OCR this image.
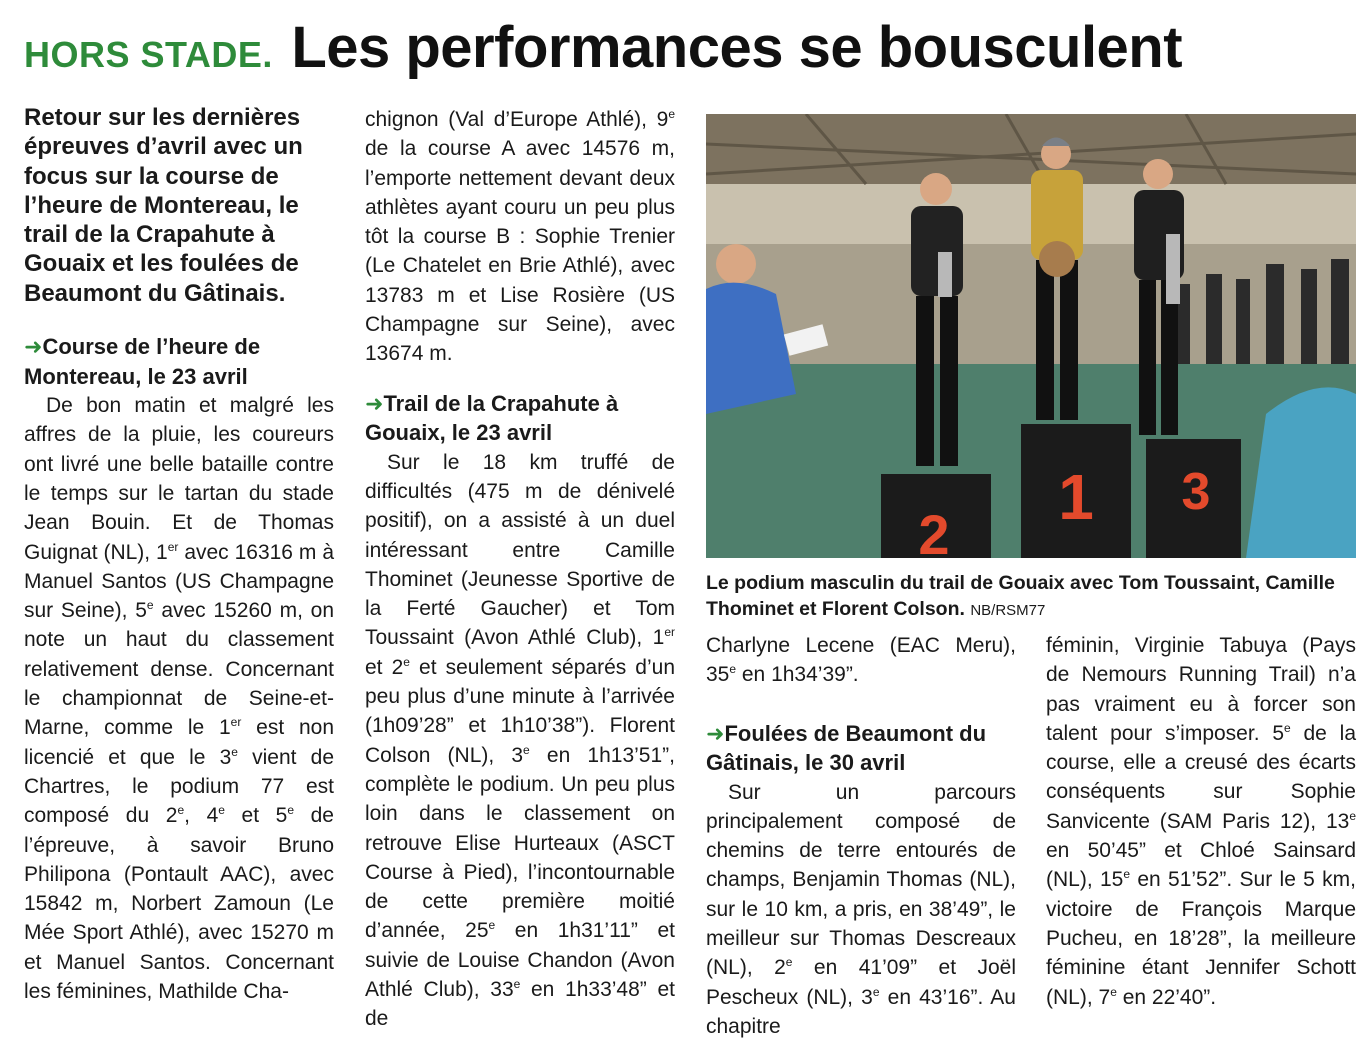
HORS STADE. Les performances se bousculent

Retour sur les dernières épreuves d’avril avec un focus sur la course de l’heure de Montereau, le trail de la Crapahute à Gouaix et les foulées de Beaumont du Gâtinais.

➜Course de l’heure de Montereau, le 23 avril

De bon matin et malgré les affres de la pluie, les coureurs ont livré une belle bataille contre le temps sur le tartan du stade Jean Bouin. Et de Thomas Guignat (NL), 1er avec 16316 m à Manuel Santos (US Champagne sur Seine), 5e avec 15260 m, on note un haut du classement relativement dense. Concernant le championnat de Seine-et-Marne, comme le 1er est non licencié et que le 3e vient de Chartres, le podium 77 est composé du 2e, 4e et 5e de l’épreuve, à savoir Bruno Philipona (Pontault AAC), avec 15842 m, Norbert Zamoun (Le Mée Sport Athlé), avec 15270 m et Manuel Santos. Concernant les féminines, Mathilde Cha-

chignon (Val d’Europe Athlé), 9e de la course A avec 14576 m, l’emporte nettement devant deux athlètes ayant couru un peu plus tôt la course B : Sophie Trenier (Le Chatelet en Brie Athlé), avec 13783 m et Lise Rosière (US Champagne sur Seine), avec 13674 m.

➜Trail de la Crapahute à Gouaix, le 23 avril

Sur le 18 km truffé de difficultés (475 m de dénivelé positif), on a assisté à un duel intéressant entre Camille Thominet (Jeunesse Sportive de la Ferté Gaucher) et Tom Toussaint (Avon Athlé Club), 1er et 2e et seulement séparés d’un peu plus d’une minute à l’arrivée (1h09’28” et 1h10’38”). Florent Colson (NL), 3e en 1h13’51”, complète le podium. Un peu plus loin dans le classement on retrouve Elise Hurteaux (ASCT Course à Pied), l’incontournable de cette première moitié d’année, 25e en 1h31’11” et suivie de Louise Chandon (Avon Athlé Club), 33e en 1h33’48” et de

2
1 3
Le podium masculin du trail de Gouaix avec Tom Toussaint, Camille Thominet et Florent Colson. NB/RSM77

Charlyne Lecene (EAC Meru), 35e en 1h34’39”.

➜Foulées de Beaumont du Gâtinais, le 30 avril

Sur un parcours principalement composé de chemins de terre entourés de champs, Benjamin Thomas (NL), sur le 10 km, a pris, en 38’49”, le meilleur sur Thomas Descreaux (NL), 2e en 41’09” et Joël Pescheux (NL), 3e en 43’16”. Au chapitre

féminin, Virginie Tabuya (Pays de Nemours Running Trail) n’a pas vraiment eu à forcer son talent pour s’imposer. 5e de la course, elle a creusé des écarts conséquents sur Sophie Sanvicente (SAM Paris 12), 13e en 50’45” et Chloé Sainsard (NL), 15e en 51’52”. Sur le 5 km, victoire de François Marque Pucheu, en 18’28”, la meilleure féminine étant Jennifer Schott (NL), 7e en 22’40”.
